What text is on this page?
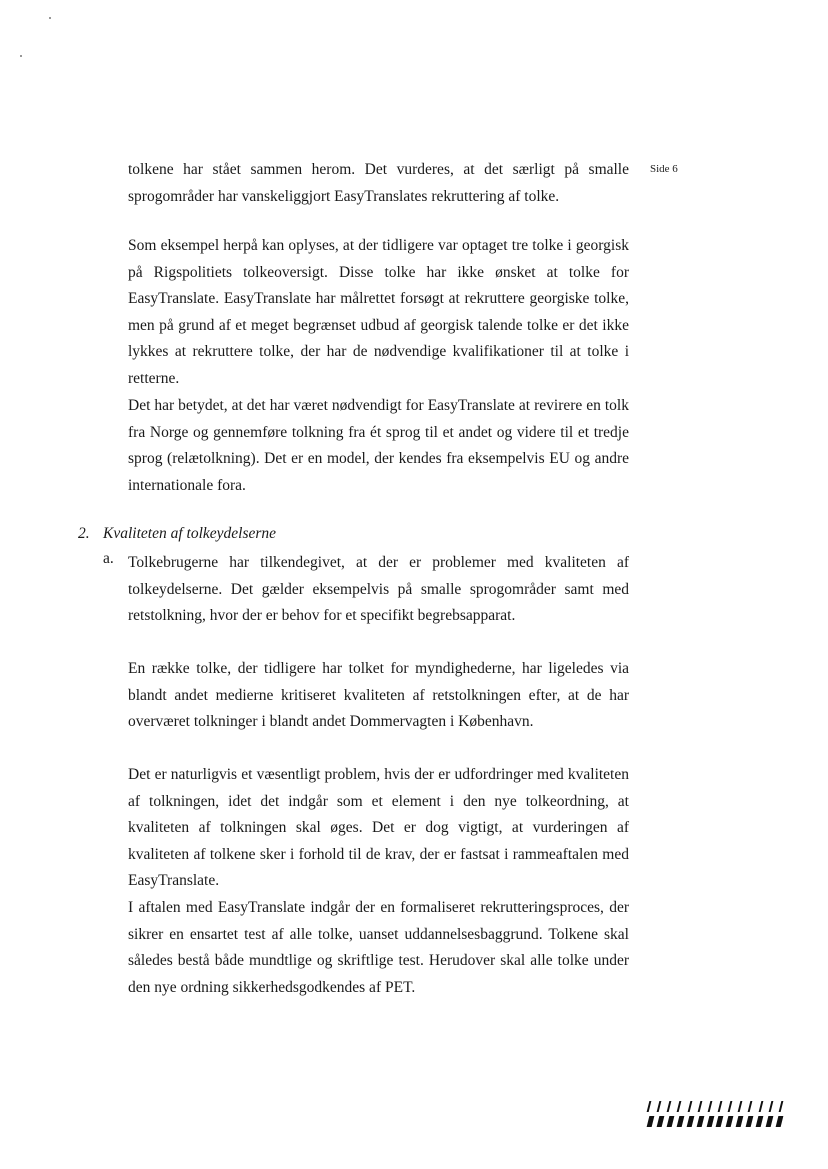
Side 6

tolkene har stået sammen herom. Det vurderes, at det særligt på smalle sprogområder har vanskeliggjort EasyTranslates rekruttering af tolke.

Som eksempel herpå kan oplyses, at der tidligere var optaget tre tolke i georgisk på Rigspolitiets tolkeoversigt. Disse tolke har ikke ønsket at tolke for EasyTranslate. EasyTranslate har målrettet forsøgt at rekruttere georgiske tolke, men på grund af et meget begrænset udbud af georgisk talende tolke er det ikke lykkes at rekruttere tolke, der har de nødvendige kvalifikationer til at tolke i retterne.

Det har betydet, at det har været nødvendigt for EasyTranslate at revirere en tolk fra Norge og gennemføre tolkning fra ét sprog til et andet og videre til et tredje sprog (relætolkning). Det er en model, der kendes fra eksempelvis EU og andre internationale fora.

2. Kvaliteten af tolkeydelserne
a. Tolkebrugerne har tilkendegivet, at der er problemer med kvaliteten af tolkeydelserne. Det gælder eksempelvis på smalle sprogområder samt med retstolkning, hvor der er behov for et specifikt begrebsapparat.

En række tolke, der tidligere har tolket for myndighederne, har ligeledes via blandt andet medierne kritiseret kvaliteten af retstolkningen efter, at de har overværet tolkninger i blandt andet Dommervagten i København.

Det er naturligvis et væsentligt problem, hvis der er udfordringer med kvaliteten af tolkningen, idet det indgår som et element i den nye tolkeordning, at kvaliteten af tolkningen skal øges. Det er dog vigtigt, at vurderingen af kvaliteten af tolkene sker i forhold til de krav, der er fastsat i rammeaftalen med EasyTranslate.

I aftalen med EasyTranslate indgår der en formaliseret rekrutteringsproces, der sikrer en ensartet test af alle tolke, uanset uddannelsesbaggrund. Tolkene skal således bestå både mundtlige og skriftlige test. Herudover skal alle tolke under den nye ordning sikkerhedsgodkendes af PET.
